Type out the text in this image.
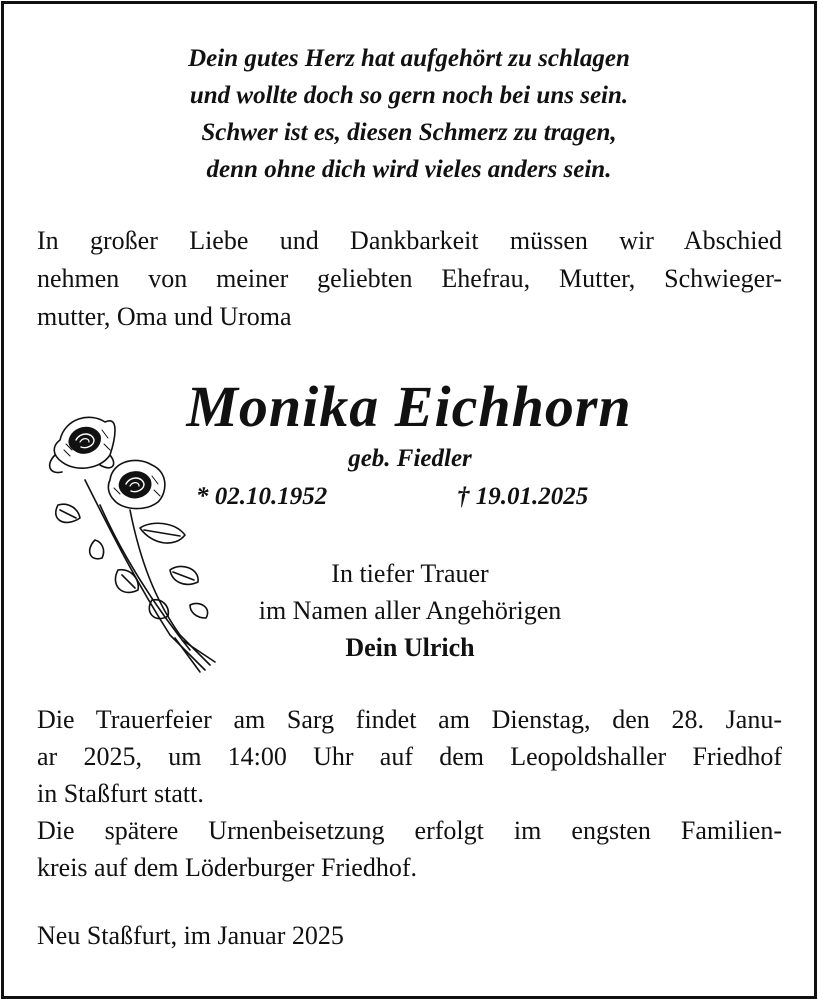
Dein gutes Herz hat aufgehört zu schlagen
und wollte doch so gern noch bei uns sein.
Schwer ist es, diesen Schmerz zu tragen,
denn ohne dich wird vieles anders sein.
In großer Liebe und Dankbarkeit müssen wir Abschied
nehmen von meiner geliebten Ehefrau, Mutter, Schwieger-
mutter, Oma und Uroma
Monika Eichhorn
geb. Fiedler
* 02.10.1952	† 19.01.2025
In tiefer Trauer
im Namen aller Angehörigen
Dein Ulrich
Die Trauerfeier am Sarg findet am Dienstag, den 28. Janu-
ar 2025, um 14:00 Uhr auf dem Leopoldshaller Friedhof
in Staßfurt statt.
Die spätere Urnenbeisetzung erfolgt im engsten Familien-
kreis auf dem Löderburger Friedhof.
Neu Staßfurt, im Januar 2025
